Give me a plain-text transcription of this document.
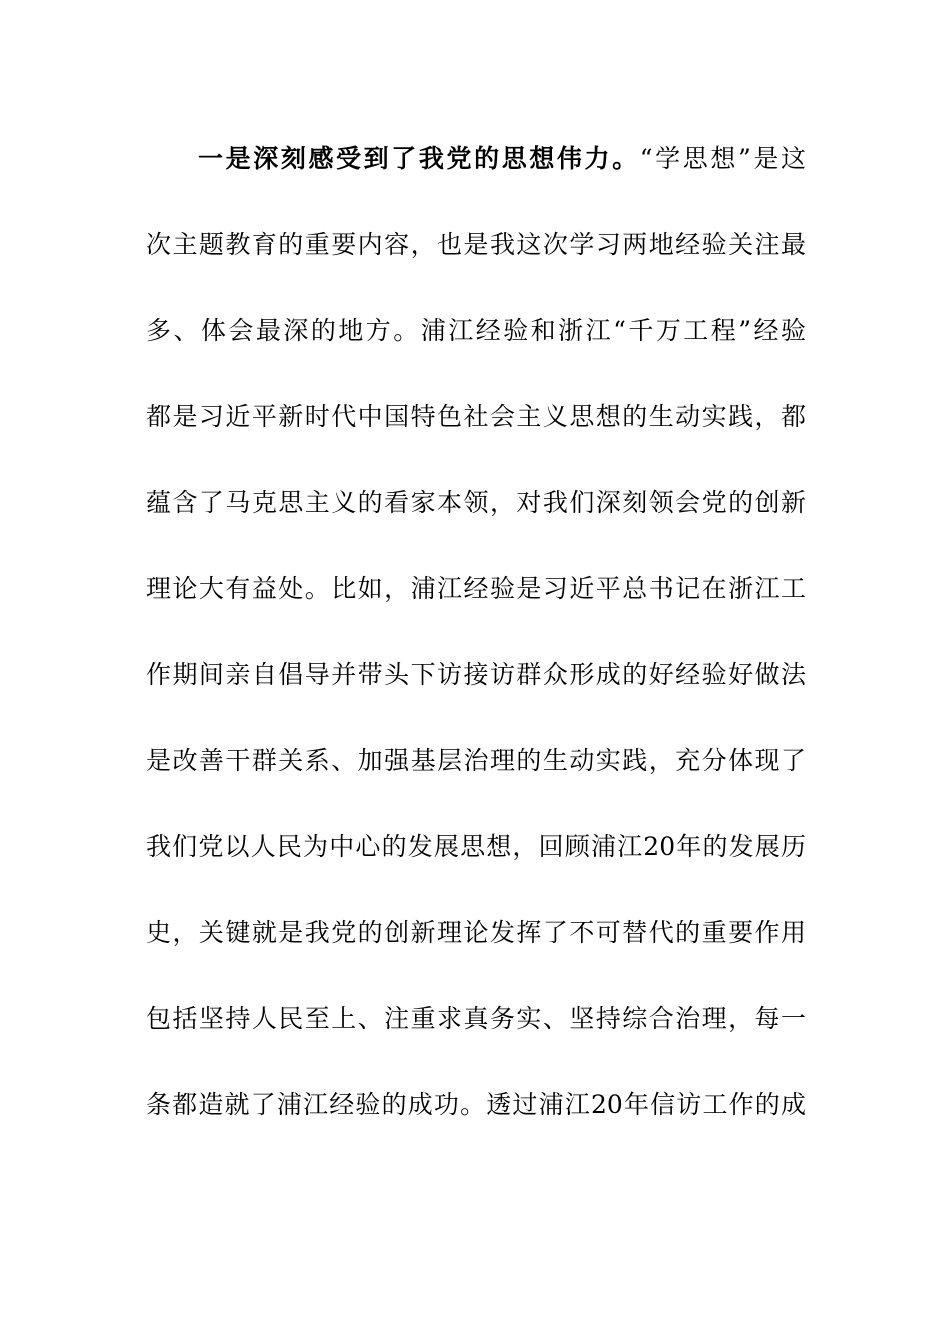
一是深刻感受到了我党的思想伟力。“学思想”是这
次主题教育的重要内容，也是我这次学习两地经验关注最
多、体会最深的地方。浦江经验和浙江“千万工程”经验
都是习近平新时代中国特色社会主义思想的生动实践，都
蕴含了马克思主义的看家本领，对我们深刻领会党的创新
理论大有益处。比如，浦江经验是习近平总书记在浙江工
作期间亲自倡导并带头下访接访群众形成的好经验好做法
是改善干群关系、加强基层治理的生动实践，充分体现了
我们党以人民为中心的发展思想，回顾浦江20年的发展历
史，关键就是我党的创新理论发挥了不可替代的重要作用
包括坚持人民至上、注重求真务实、坚持综合治理，每一
条都造就了浦江经验的成功。透过浦江20年信访工作的成
